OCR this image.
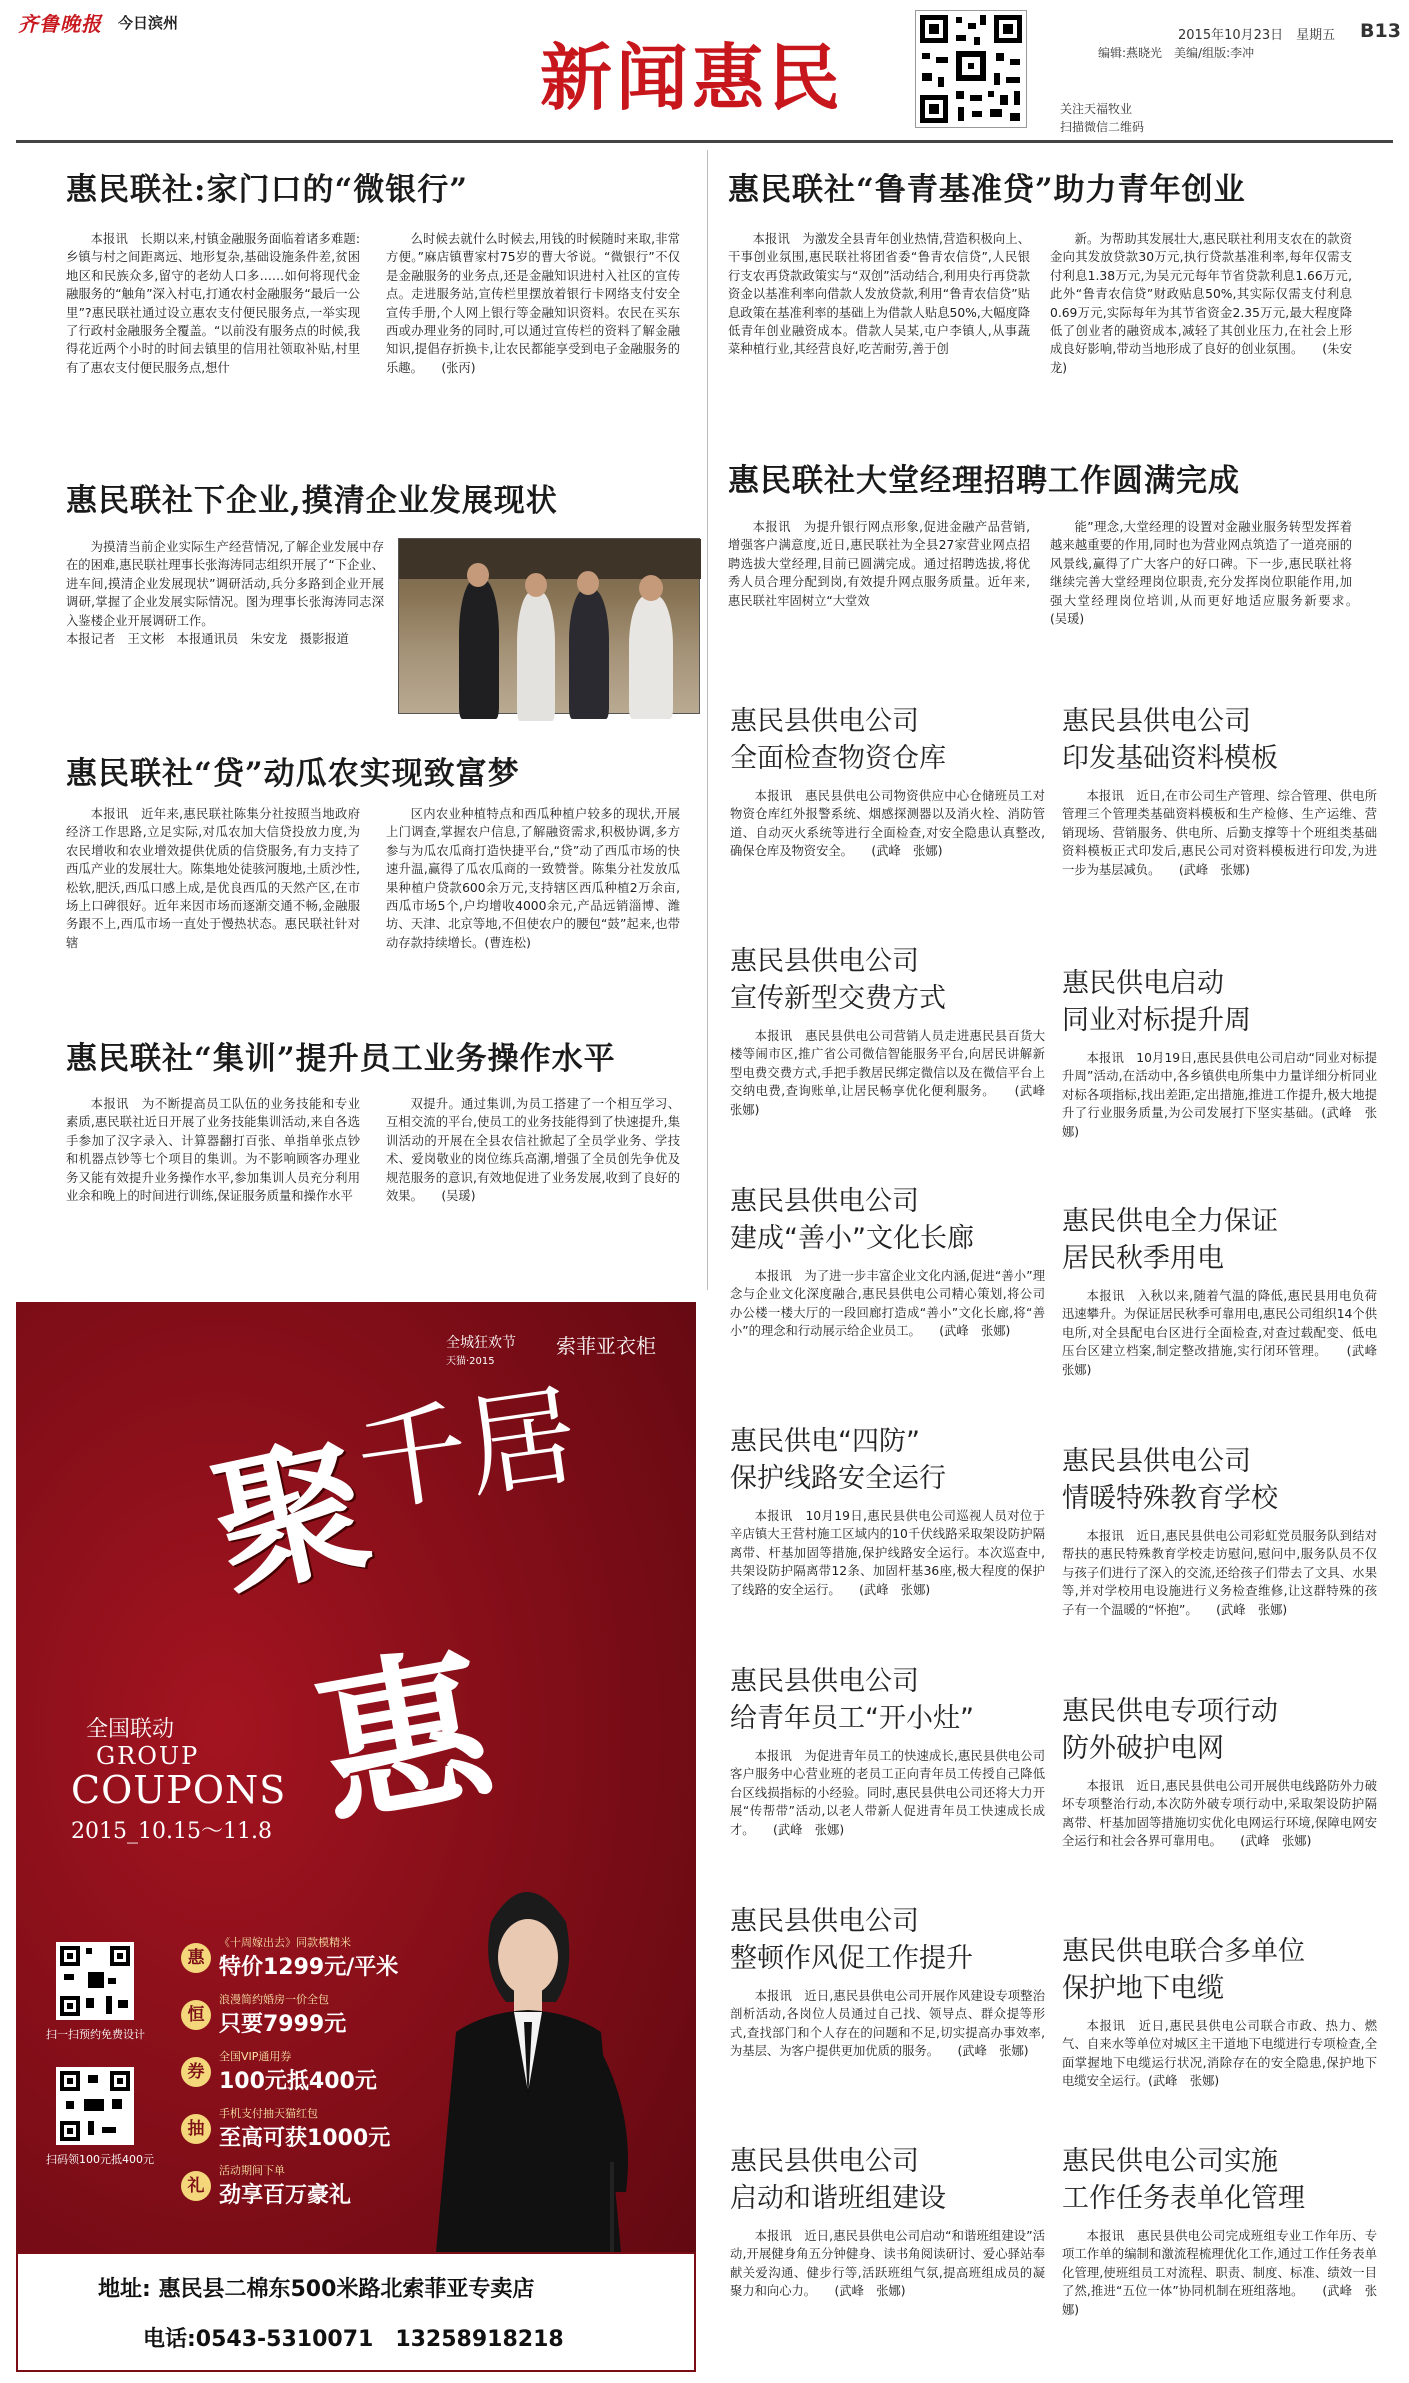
齐鲁晚报 今日滨州
新闻惠民	2015年10月23日　星期五 B13
编辑:燕晓光　美编/组版:李冲
关注天福牧业
扫描微信二维码
惠民联社:家门口的“微银行”

本报讯　长期以来,村镇金融服务面临着诸多难题:乡镇与村之间距离远、地形复杂,基础设施条件差,贫困地区和民族众多,留守的老幼人口多……如何将现代金融服务的“触角”深入村屯,打通农村金融服务“最后一公里”?惠民联社通过设立惠农支付便民服务点,一举实现了行政村金融服务全覆盖。“以前没有服务点的时候,我得花近两个小时的时间去镇里的信用社领取补贴,村里有了惠农支付便民服务点,想什

么时候去就什么时候去,用钱的时候随时来取,非常方便。”麻店镇曹家村75岁的曹大爷说。“微银行”不仅是金融服务的业务点,还是金融知识进村入社区的宣传点。走进服务站,宣传栏里摆放着银行卡网络支付安全宣传手册,个人网上银行等金融知识资料。农民在买东西或办理业务的同时,可以通过宣传栏的资料了解金融知识,提倡存折换卡,让农民都能享受到电子金融服务的乐趣。　　(张丙)

惠民联社“鲁青基准贷”助力青年创业

本报讯　为激发全县青年创业热情,营造积极向上、干事创业氛围,惠民联社将团省委“鲁青农信贷”,人民银行支农再贷款政策实与“双创”活动结合,利用央行再贷款资金以基准利率向借款人发放贷款,利用“鲁青农信贷”贴息政策在基准利率的基础上为借款人贴息50%,大幅度降低青年创业融资成本。借款人吴某,屯户李镇人,从事蔬菜种植行业,其经营良好,吃苦耐劳,善于创

新。为帮助其发展壮大,惠民联社利用支农在的款资金向其发放贷款30万元,执行贷款基准利率,每年仅需支付利息1.38万元,为吴元元每年节省贷款利息1.66万元,此外“鲁青农信贷”财政贴息50%,其实际仅需支付利息0.69万元,实际每年为其节省资金2.35万元,最大程度降低了创业者的融资成本,减轻了其创业压力,在社会上形成良好影响,带动当地形成了良好的创业氛围。　　(朱安龙)

惠民联社下企业,摸清企业发展现状

为摸清当前企业实际生产经营情况,了解企业发展中存在的困难,惠民联社理事长张海涛同志组织开展了“下企业、进车间,摸清企业发展现状”调研活动,兵分多路到企业开展调研,掌握了企业发展实际情况。图为理事长张海涛同志深入鉴楼企业开展调研工作。

本报记者　王文彬　本报通讯员　朱安龙　摄影报道
惠民联社大堂经理招聘工作圆满完成

本报讯　为提升银行网点形象,促进金融产品营销,增强客户满意度,近日,惠民联社为全县27家营业网点招聘选拔大堂经理,目前已圆满完成。通过招聘选拔,将优秀人员合理分配到岗,有效提升网点服务质量。近年来,惠民联社牢固树立“大堂效

能”理念,大堂经理的设置对金融业服务转型发挥着越来越重要的作用,同时也为营业网点筑造了一道亮丽的风景线,赢得了广大客户的好口碑。下一步,惠民联社将继续完善大堂经理岗位职责,充分发挥岗位职能作用,加强大堂经理岗位培训,从而更好地适应服务新要求。　　(吴瑗)

惠民联社“贷”动瓜农实现致富梦

本报讯　近年来,惠民联社陈集分社按照当地政府经济工作思路,立足实际,对瓜农加大信贷投放力度,为农民增收和农业增效提供优质的信贷服务,有力支持了西瓜产业的发展壮大。陈集地处徒骇河腹地,土质沙性,松软,肥沃,西瓜口感上成,是优良西瓜的天然产区,在市场上口碑很好。近年来因市场而逐渐交通不畅,金融服务跟不上,西瓜市场一直处于慢热状态。惠民联社针对辖

区内农业种植特点和西瓜种植户较多的现状,开展上门调查,掌握农户信息,了解融资需求,积极协调,多方参与为瓜农瓜商打造快捷平台,“贷”动了西瓜市场的快速升温,赢得了瓜农瓜商的一致赞誉。陈集分社发放瓜果种植户贷款600余万元,支持辖区西瓜种植2万余亩,西瓜市场5个,户均增收4000余元,产品远销淄博、潍坊、天津、北京等地,不但使农户的腰包“鼓”起来,也带动存款持续增长。(曹连松)

惠民联社“集训”提升员工业务操作水平

本报讯　为不断提高员工队伍的业务技能和专业素质,惠民联社近日开展了业务技能集训活动,来自各选手参加了汉字录入、计算器翻打百张、单指单张点钞和机器点钞等七个项目的集训。为不影响顾客办理业务又能有效提升业务操作水平,参加集训人员充分利用业余和晚上的时间进行训练,保证服务质量和操作水平

双提升。通过集训,为员工搭建了一个相互学习、互相交流的平台,使员工的业务技能得到了快速提升,集训活动的开展在全县农信社掀起了全员学业务、学技术、爱岗敬业的岗位练兵高潮,增强了全员创先争优及规范服务的意识,有效地促进了业务发展,收到了良好的效果。　　(吴瑗)

惠民县供电公司
全面检查物资仓库

本报讯　惠民县供电公司物资供应中心仓储班员工对物资仓库红外报警系统、烟感探测器以及消火栓、消防管道、自动灭火系统等进行全面检查,对安全隐患认真整改,确保仓库及物资安全。　　(武峰　张娜)

惠民县供电公司
宣传新型交费方式

本报讯　惠民县供电公司营销人员走进惠民县百货大楼等闹市区,推广省公司微信智能服务平台,向居民讲解新型电费交费方式,手把手教居民绑定微信以及在微信平台上交纳电费,查询账单,让居民畅享优化便利服务。　　(武峰　张娜)

惠民县供电公司
建成“善小”文化长廊

本报讯　为了进一步丰富企业文化内涵,促进“善小”理念与企业文化深度融合,惠民县供电公司精心策划,将公司办公楼一楼大厅的一段回廊打造成“善小”文化长廊,将“善小”的理念和行动展示给企业员工。　　(武峰　张娜)

惠民供电“四防”
保护线路安全运行

本报讯　10月19日,惠民县供电公司巡视人员对位于辛店镇大王营村施工区域内的10千伏线路采取架设防护隔离带、杆基加固等措施,保护线路安全运行。本次巡查中,共架设防护隔离带12条、加固杆基36座,极大程度的保护了线路的安全运行。　　(武峰　张娜)

惠民县供电公司
给青年员工“开小灶”

本报讯　为促进青年员工的快速成长,惠民县供电公司客户服务中心营业班的老员工正向青年员工传授自己降低台区线损指标的小经验。同时,惠民县供电公司还将大力开展“传帮带”活动,以老人带新人促进青年员工快速成长成才。　　(武峰　张娜)

惠民县供电公司
整顿作风促工作提升

本报讯　近日,惠民县供电公司开展作风建设专项整治剖析活动,各岗位人员通过自己找、领导点、群众提等形式,查找部门和个人存在的问题和不足,切实提高办事效率,为基层、为客户提供更加优质的服务。　　(武峰　张娜)

惠民县供电公司
启动和谐班组建设

本报讯　近日,惠民县供电公司启动“和谐班组建设”活动,开展健身角五分钟健身、读书角阅读研讨、爱心驿站奉献关爱沟通、健步行等,活跃班组气氛,提高班组成员的凝聚力和向心力。　　(武峰　张娜)

惠民县供电公司
印发基础资料模板

本报讯　近日,在市公司生产管理、综合管理、供电所管理三个管理类基础资料模板和生产检修、生产运维、营销现场、营销服务、供电所、后勤支撑等十个班组类基础资料模板正式印发后,惠民公司对资料模板进行印发,为进一步为基层减负。　　(武峰　张娜)

惠民供电启动
同业对标提升周

本报讯　10月19日,惠民县供电公司启动“同业对标提升周”活动,在活动中,各乡镇供电所集中力量详细分析同业对标各项指标,找出差距,定出措施,推进工作提升,极大地提升了行业服务质量,为公司发展打下坚实基础。(武峰　张娜)

惠民供电全力保证
居民秋季用电

本报讯　入秋以来,随着气温的降低,惠民县用电负荷迅速攀升。为保证居民秋季可靠用电,惠民公司组织14个供电所,对全县配电台区进行全面检查,对查过载配变、低电压台区建立档案,制定整改措施,实行闭环管理。　　(武峰　张娜)

惠民县供电公司
情暖特殊教育学校

本报讯　近日,惠民县供电公司彩虹党员服务队到结对帮扶的惠民特殊教育学校走访慰问,慰问中,服务队员不仅与孩子们进行了深入的交流,还给孩子们带去了文具、水果等,并对学校用电设施进行义务检查维修,让这群特殊的孩子有一个温暖的“怀抱”。　　(武峰　张娜)

惠民供电专项行动
防外破护电网

本报讯　近日,惠民县供电公司开展供电线路防外力破坏专项整治行动,本次防外破专项行动中,采取架设防护隔离带、杆基加固等措施切实优化电网运行环境,保障电网安全运行和社会各界可靠用电。　　(武峰　张娜)

惠民供电联合多单位
保护地下电缆

本报讯　近日,惠民县供电公司联合市政、热力、燃气、自来水等单位对城区主干道地下电缆进行专项检查,全面掌握地下电缆运行状况,消除存在的安全隐患,保护地下电缆安全运行。(武峰　张娜)

惠民供电公司实施
工作任务表单化管理

本报讯　惠民县供电公司完成班组专业工作年历、专项工作单的编制和激流程梳理优化工作,通过工作任务表单化管理,使班组员工对流程、职责、制度、标准、绩效一目了然,推进“五位一体”协同机制在班组落地。　　(武峰　张娜)

全城狂欢节
天猫·2015
索菲亚衣柜
千居
聚
惠
全国联动
GROUP
COUPONS
2015_10.15～11.8
扫一扫预约免费设计
扫码领100元抵400元
惠
《十周嫁出去》同款模精米
特价1299元/平米
恒
浪漫简约婚房一价全包
只要7999元
券
全国VIP通用券
100元抵400元
抽
手机支付抽天猫红包
至高可获1000元
礼
活动期间下单
劲享百万豪礼
地址: 惠民县二棉东500米路北索菲亚专卖店
电话:0543-5310071　13258918218
